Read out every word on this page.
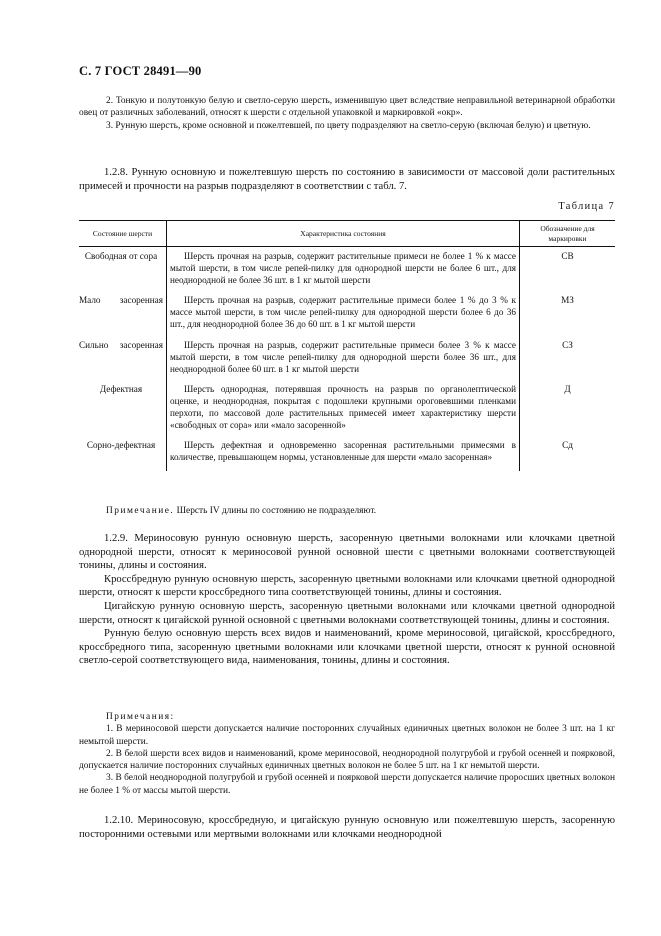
С. 7 ГОСТ 28491—90

2. Тонкую и полутонкую белую и светло-серую шерсть, изменившую цвет вследствие неправильной ветеринарной обработки овец от различных заболеваний, относят к шерсти с отдельной упаковкой и маркировкой «окр».

3. Рунную шерсть, кроме основной и пожелтевшей, по цвету подразделяют на светло-серую (включая белую) и цветную.

1.2.8. Рунную основную и пожелтевшую шерсть по состоянию в зависимости от массовой доли растительных примесей и прочности на разрыв подразделяют в соответствии с табл. 7.

Таблица 7
Состояние шерсти	Характеристика состояния	Обозначение для маркировки
Свободная от сора	Шерсть прочная на разрыв, содержит растительные примеси не более 1 % к массе мытой шерсти, в том числе репей-пилку для однородной шерсти не более 6 шт., для неоднородной не более 36 шт. в 1 кг мытой шерсти	СВ
Мало засоренная	Шерсть прочная на разрыв, содержит растительные примеси более 1 % до 3 % к массе мытой шерсти, в том числе репей-пилку для однородной шерсти более 6 до 36 шт., для неоднородной более 36 до 60 шт. в 1 кг мытой шерсти	МЗ
Сильно засоренная	Шерсть прочная на разрыв, содержит растительные примеси более 3 % к массе мытой шерсти, в том числе репей-пилку для однородной шерсти более 36 шт., для неоднородной более 60 шт. в 1 кг мытой шерсти	СЗ
Дефектная	Шерсть однородная, потерявшая прочность на разрыв по органолептической оценке, и неоднородная, покрытая с подошлеки крупными ороговевшими пленками перхоти, по массовой доле растительных примесей имеет характеристику шерсти «свободных от сора» или «мало засоренной»	Д
Сорно-дефектная	Шерсть дефектная и одновременно засоренная растительными примесями в количестве, превышающем нормы, установленные для шерсти «мало засоренная»	Сд
Примечание. Шерсть IV длины по состоянию не подразделяют.

1.2.9. Мериносовую рунную основную шерсть, засоренную цветными волокнами или клочками цветной однородной шерсти, относят к мериносовой рунной основной шести с цветными волокнами соответствующей тонины, длины и состояния.

Кроссбредную рунную основную шерсть, засоренную цветными волокнами или клочками цветной однородной шерсти, относят к шерсти кроссбредного типа соответствующей тонины, длины и состояния.

Цигайскую рунную основную шерсть, засоренную цветными волокнами или клочками цветной однородной шерсти, относят к цигайской рунной основной с цветными волокнами соответствующей тонины, длины и состояния.

Рунную белую основную шерсть всех видов и наименований, кроме мериносовой, цигайской, кроссбредного, кроссбредного типа, засоренную цветными волокнами или клочками цветной шерсти, относят к рунной основной светло-серой соответствующего вида, наименования, тонины, длины и состояния.

Примечания:

1. В мериносовой шерсти допускается наличие посторонних случайных единичных цветных волокон не более 3 шт. на 1 кг немытой шерсти.

2. В белой шерсти всех видов и наименований, кроме мериносовой, неоднородной полугрубой и грубой осенней и поярковой, допускается наличие посторонних случайных единичных цветных волокон не более 5 шт. на 1 кг немытой шерсти.

3. В белой неоднородной полугрубой и грубой осенней и поярковой шерсти допускается наличие проросших цветных волокон не более 1 % от массы мытой шерсти.

1.2.10. Мериносовую, кроссбредную, и цигайскую рунную основную или пожелтевшую шерсть, засоренную посторонними остевыми или мертвыми волокнами или клочками неоднородной
